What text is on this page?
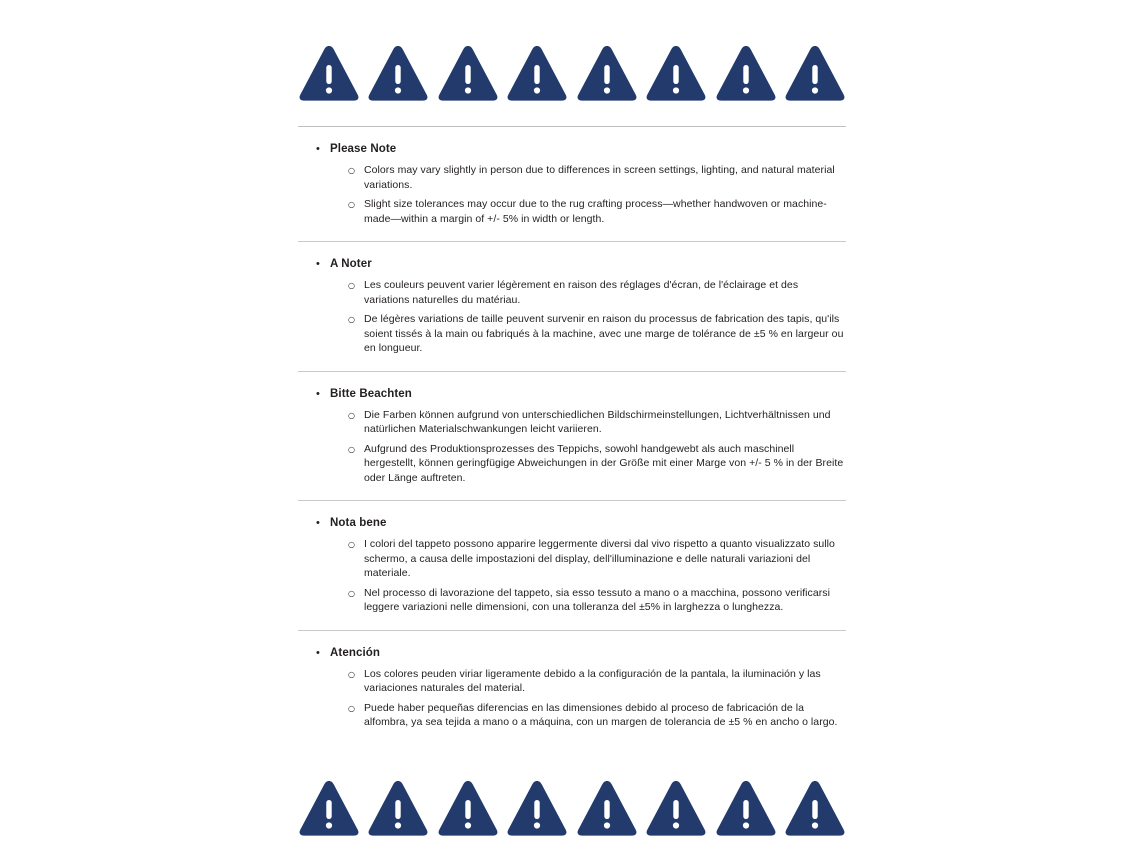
• Please Note
○ Colors may vary slightly in person due to differences in screen settings, lighting, and natural material variations.
○ Slight size tolerances may occur due to the rug crafting process—whether handwoven or machine-made—within a margin of +/- 5% in width or length.
• A Noter
○ Les couleurs peuvent varier légèrement en raison des réglages d'écran, de l'éclairage et des variations naturelles du matériau.
○ De légères variations de taille peuvent survenir en raison du processus de fabrication des tapis, qu'ils soient tissés à la main ou fabriqués à la machine, avec une marge de tolérance de ±5 % en largeur ou en longueur.
• Bitte Beachten
○ Die Farben können aufgrund von unterschiedlichen Bildschirmeinstellungen, Lichtverhältnissen und natürlichen Materialschwankungen leicht variieren.
○ Aufgrund des Produktionsprozesses des Teppichs, sowohl handgewebt als auch maschinell hergestellt, können geringfügige Abweichungen in der Größe mit einer Marge von +/- 5 % in der Breite oder Länge auftreten.
• Nota bene
○ I colori del tappeto possono apparire leggermente diversi dal vivo rispetto a quanto visualizzato sullo schermo, a causa delle impostazioni del display, dell'illuminazione e delle naturali variazioni del materiale.
○ Nel processo di lavorazione del tappeto, sia esso tessuto a mano o a macchina, possono verificarsi leggere variazioni nelle dimensioni, con una tolleranza del ±5% in larghezza o lunghezza.
• Atención
○ Los colores peuden viriar ligeramente debido a la configuración de la pantala, la iluminación y las variaciones naturales del material.
○ Puede haber pequeñas diferencias en las dimensiones debido al proceso de fabricación de la alfombra, ya sea tejida a mano o a máquina, con un margen de tolerancia de ±5 % en ancho o largo.
